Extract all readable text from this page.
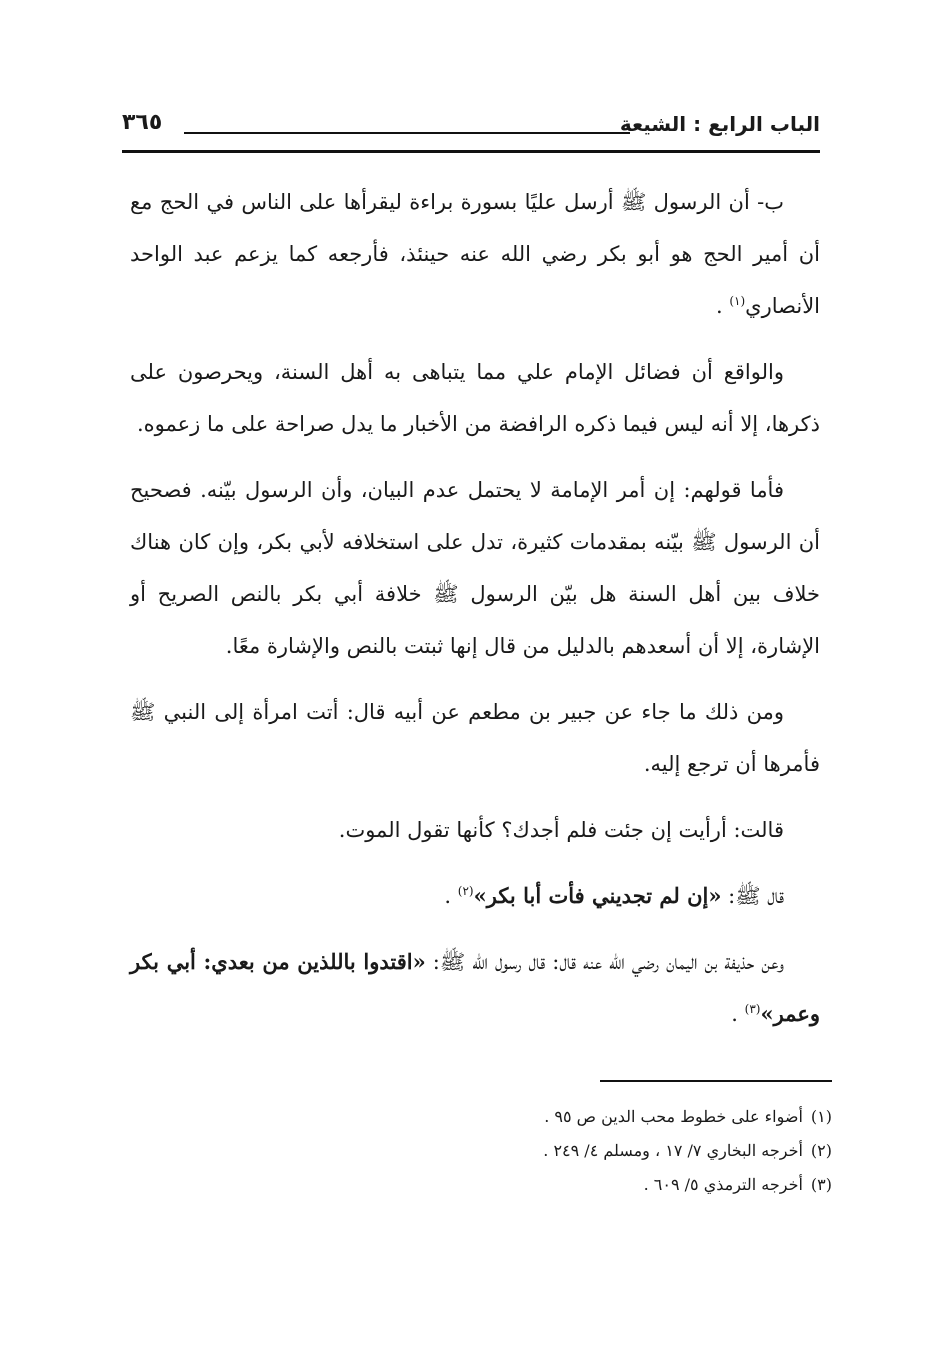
الباب الرابع : الشيعة
٣٦٥

ب- أن الرسول ﷺ أرسل عليًا بسورة براءة ليقرأها على الناس في الحج مع أن أمير الحج هو أبو بكر رضي الله عنه حينئذ، فأرجعه كما يزعم عبد الواحد الأنصاري$^{(١)}$ .

والواقع أن فضائل الإمام علي مما يتباهى به أهل السنة، ويحرصون على ذكرها، إلا أنه ليس فيما ذكره الرافضة من الأخبار ما يدل صراحة على ما زعموه.

فأما قولهم: إن أمر الإمامة لا يحتمل عدم البيان، وأن الرسول بيّنه. فصحيح أن الرسول ﷺ بيّنه بمقدمات كثيرة، تدل على استخلافه لأبي بكر، وإن كان هناك خلاف بين أهل السنة هل بيّن الرسول ﷺ خلافة أبي بكر بالنص الصريح أو الإشارة، إلا أن أسعدهم بالدليل من قال إنها ثبتت بالنص والإشارة معًا.

ومن ذلك ما جاء عن جبير بن مطعم عن أبيه قال: أتت امرأة إلى النبي ﷺ فأمرها أن ترجع إليه.

قالت: أرأيت إن جئت فلم أجدك؟ كأنها تقول الموت.

قال ﷺ: «إن لم تجديني فأت أبا بكر»$^{(٢)}$ .

وعن حذيفة بن اليمان رضي الله عنه قال: قال رسول الله ﷺ: «اقتدوا باللذين من بعدي: أبي بكر وعمر»$^{(٣)}$ .

(١)أضواء على خطوط محب الدين ص ٩٥ .

(٢)أخرجه البخاري ٧/ ١٧ ، ومسلم ٤/ ٢٤٩ .

(٣)أخرجه الترمذي ٥/ ٦٠٩ .
